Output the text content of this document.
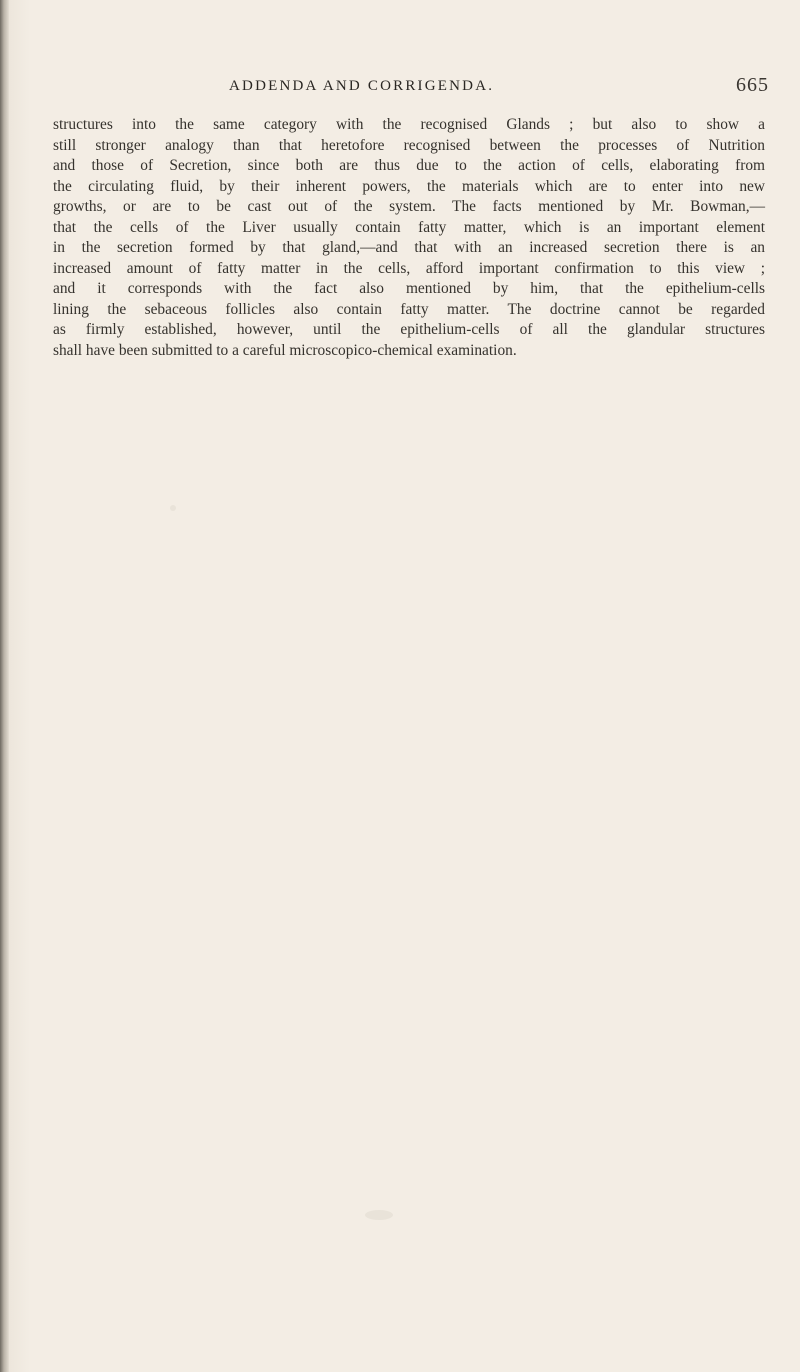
ADDENDA AND CORRIGENDA.	665
structures into the same category with the recognised Glands ; but also to show a
still stronger analogy than that heretofore recognised between the processes of Nutrition
and those of Secretion, since both are thus due to the action of cells, elaborating from
the circulating fluid, by their inherent powers, the materials which are to enter into new
growths, or are to be cast out of the system. The facts mentioned by Mr. Bowman,—
that the cells of the Liver usually contain fatty matter, which is an important element
in the secretion formed by that gland,—and that with an increased secretion there is an
increased amount of fatty matter in the cells, afford important confirmation to this view ;
and it corresponds with the fact also mentioned by him, that the epithelium-cells
lining the sebaceous follicles also contain fatty matter. The doctrine cannot be regarded
as firmly established, however, until the epithelium-cells of all the glandular structures
shall have been submitted to a careful microscopico-chemical examination.
